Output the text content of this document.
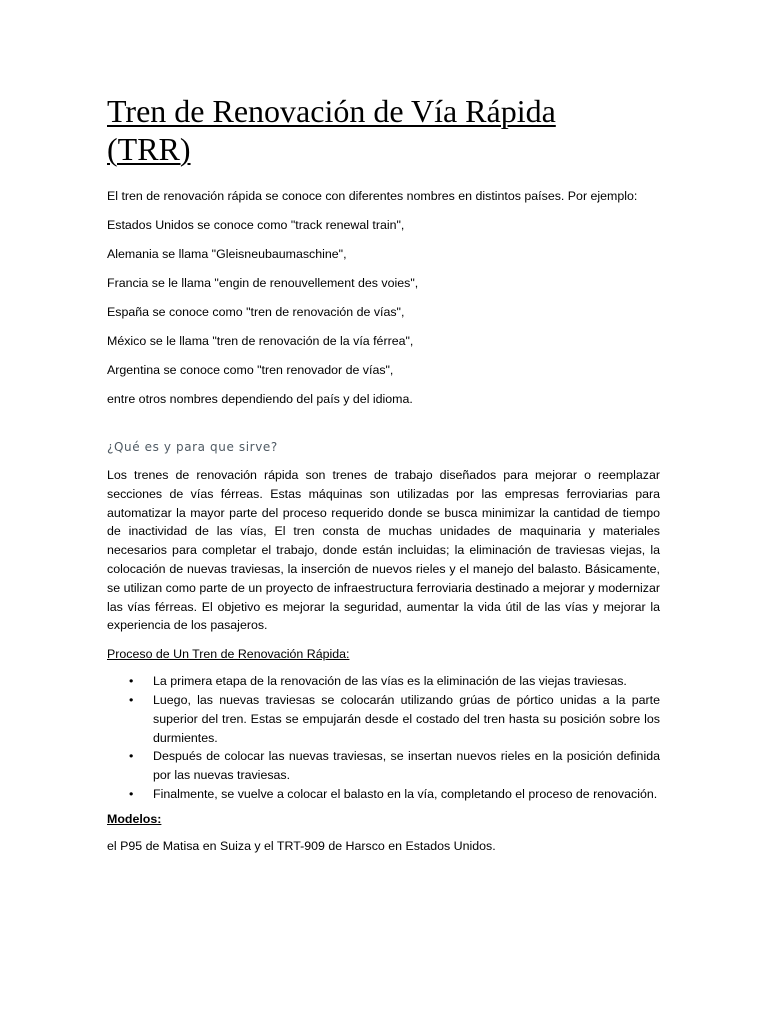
Tren de Renovación de Vía Rápida
(TRR)

El tren de renovación rápida se conoce con diferentes nombres en distintos países. Por ejemplo:

Estados Unidos se conoce como "track renewal train",

Alemania se llama "Gleisneubaumaschine",

Francia se le llama "engin de renouvellement des voies",

España se conoce como "tren de renovación de vías",

México se le llama "tren de renovación de la vía férrea",

Argentina se conoce como "tren renovador de vías",

entre otros nombres dependiendo del país y del idioma.

¿Qué es y para que sirve?

Los trenes de renovación rápida son trenes de trabajo diseñados para mejorar o reemplazar secciones de vías férreas. Estas máquinas son utilizadas por las empresas ferroviarias para automatizar la mayor parte del proceso requerido donde se busca minimizar la cantidad de tiempo de inactividad de las vías, El tren consta de muchas unidades de maquinaria y materiales necesarios para completar el trabajo, donde están incluidas; la eliminación de traviesas viejas, la colocación de nuevas traviesas, la inserción de nuevos rieles y el manejo del balasto. Básicamente, se utilizan como parte de un proyecto de infraestructura ferroviaria destinado a mejorar y modernizar las vías férreas. El objetivo es mejorar la seguridad, aumentar la vida útil de las vías y mejorar la experiencia de los pasajeros.

Proceso de Un Tren de Renovación Rápida:
• La primera etapa de la renovación de las vías es la eliminación de las viejas traviesas.
• Luego, las nuevas traviesas se colocarán utilizando grúas de pórtico unidas a la parte superior del tren. Estas se empujarán desde el costado del tren hasta su posición sobre los durmientes.
• Después de colocar las nuevas traviesas, se insertan nuevos rieles en la posición definida por las nuevas traviesas.
• Finalmente, se vuelve a colocar el balasto en la vía, completando el proceso de renovación.
Modelos:

el P95 de Matisa en Suiza y el TRT-909 de Harsco en Estados Unidos.
